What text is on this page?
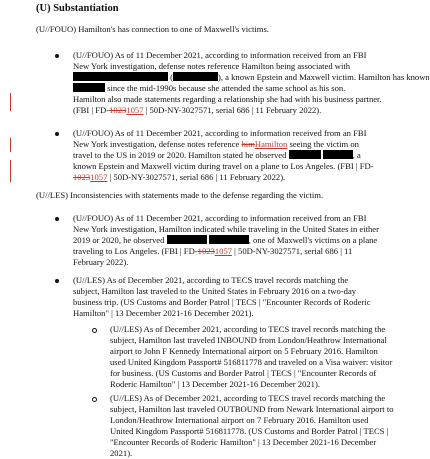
(U) Substantiation
(U//FOUO) Hamilton's has connection to one of Maxwell's victims.
(U//FOUO) As of 11 December 2021, according to information received from an FBI
New York investigation, defense notes reference Hamilton being associated with
(	), a known Epstein and Maxwell victim. Hamilton has known
since the mid-1990s because she attended the same school as his son.
Hamilton also made statements regarding a relationship she had with his business partner.
(FBI | FD-10231057 | 50D-NY-3027571, serial 686 | 11 February 2022).
(U//FOUO) As of 11 December 2021, according to information received from an FBI
New York investigation, defense notes reference himHamilton seeing the victim on
travel to the US in 2019 or 2020. Hamilton stated he observed	, a
known Epstein and Maxwell victim during travel on a plane to Los Angeles. (FBI | FD-
10231057 | 50D-NY-3027571, serial 686 | 11 February 2022).
(U//LES) Inconsistencies with statements made to the defense regarding the victim.
(U//FOUO) As of 11 December 2021, according to information received from an FBI
New York investigation, Hamilton indicated while traveling in the United States in either
2019 or 2020, he observed	, one of Maxwell's victims on a plane
traveling to Los Angeles. (FBI | FD-10231057 | 50D-NY-3027571, serial 686 | 11
February 2022).
(U//LES) As of December 2021, according to TECS travel records matching the
subject, Hamilton last traveled to the United States in February 2016 on a two-day
business trip. (US Customs and Border Patrol | TECS | "Encounter Records of Roderic
Hamilton" | 13 December 2021-16 December 2021).
(U//LES) As of December 2021, according to TECS travel records matching the
subject, Hamilton last traveled INBOUND from London/Heathrow International
airport to John F Kennedy International airport on 5 February 2016. Hamilton
used United Kingdom Passport# 516811778 and traveled on a Visa waiver: visitor
for business. (US Customs and Border Patrol | TECS | "Encounter Records of
Roderic Hamilton" | 13 December 2021-16 December 2021).
(U//LES) As of December 2021, according to TECS travel records matching the
subject, Hamilton last traveled OUTBOUND from Newark International airport to
London/Heathrow International airport on 7 February 2016. Hamilton used
United Kingdom Passport# 516811778. (US Customs and Border Patrol | TECS |
"Encounter Records of Roderic Hamilton" | 13 December 2021-16 December
2021).
